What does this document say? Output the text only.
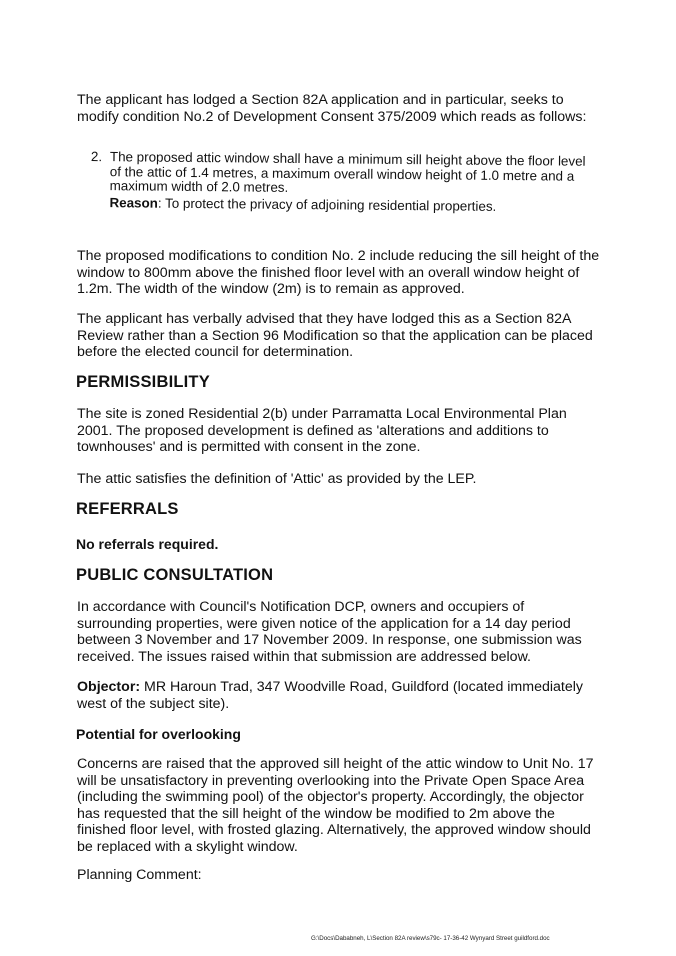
The applicant has lodged a Section 82A application and in particular, seeks to modify condition No.2 of Development Consent 375/2009 which reads as follows:

2. The proposed attic window shall have a minimum sill height above the floor level of the attic of 1.4 metres, a maximum overall window height of 1.0 metre and a maximum width of 2.0 metres.

Reason: To protect the privacy of adjoining residential properties.

The proposed modifications to condition No. 2 include reducing the sill height of the window to 800mm above the finished floor level with an overall window height of 1.2m. The width of the window (2m) is to remain as approved.

The applicant has verbally advised that they have lodged this as a Section 82A Review rather than a Section 96 Modification so that the application can be placed before the elected council for determination.

PERMISSIBILITY

The site is zoned Residential 2(b) under Parramatta Local Environmental Plan 2001. The proposed development is defined as 'alterations and additions to townhouses' and is permitted with consent in the zone.

The attic satisfies the definition of 'Attic' as provided by the LEP.

REFERRALS

No referrals required.

PUBLIC CONSULTATION

In accordance with Council's Notification DCP, owners and occupiers of surrounding properties, were given notice of the application for a 14 day period between 3 November and 17 November 2009. In response, one submission was received. The issues raised within that submission are addressed below.

Objector: MR Haroun Trad, 347 Woodville Road, Guildford (located immediately west of the subject site).

Potential for overlooking

Concerns are raised that the approved sill height of the attic window to Unit No. 17 will be unsatisfactory in preventing overlooking into the Private Open Space Area (including the swimming pool) of the objector's property. Accordingly, the objector has requested that the sill height of the window be modified to 2m above the finished floor level, with frosted glazing. Alternatively, the approved window should be replaced with a skylight window.

Planning Comment:

G:\Docs\Dababneh, L\Section 82A review\s79c- 17-36-42 Wynyard Street guildford.doc
